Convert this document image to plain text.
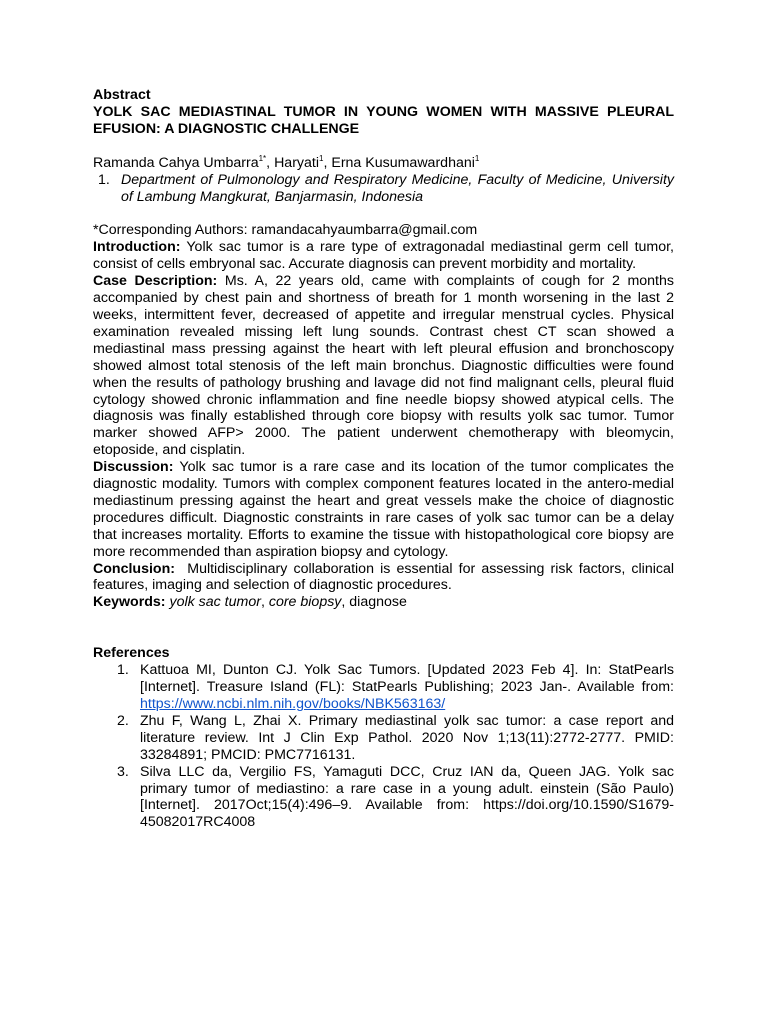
Abstract
YOLK SAC MEDIASTINAL TUMOR IN YOUNG WOMEN WITH MASSIVE PLEURAL EFUSION: A DIAGNOSTIC CHALLENGE
Ramanda Cahya Umbarra$^{1*}$, Haryati$^1$, Erna Kusumawardhani$^1$
1. Department of Pulmonology and Respiratory Medicine, Faculty of Medicine, University of Lambung Mangkurat, Banjarmasin, Indonesia
*Corresponding Authors: ramandacahyaumbarra@gmail.com

Introduction: Yolk sac tumor is a rare type of extragonadal mediastinal germ cell tumor, consist of cells embryonal sac. Accurate diagnosis can prevent morbidity and mortality.

Case Description: Ms. A, 22 years old, came with complaints of cough for 2 months accompanied by chest pain and shortness of breath for 1 month worsening in the last 2 weeks, intermittent fever, decreased of appetite and irregular menstrual cycles. Physical examination revealed missing left lung sounds. Contrast chest CT scan showed a mediastinal mass pressing against the heart with left pleural effusion and bronchoscopy showed almost total stenosis of the left main bronchus. Diagnostic difficulties were found when the results of pathology brushing and lavage did not find malignant cells, pleural fluid cytology showed chronic inflammation and fine needle biopsy showed atypical cells. The diagnosis was finally established through core biopsy with results yolk sac tumor. Tumor marker showed AFP> 2000. The patient underwent chemotherapy with bleomycin, etoposide, and cisplatin.

Discussion: Yolk sac tumor is a rare case and its location of the tumor complicates the diagnostic modality. Tumors with complex component features located in the antero-medial mediastinum pressing against the heart and great vessels make the choice of diagnostic procedures difficult. Diagnostic constraints in rare cases of yolk sac tumor can be a delay that increases mortality. Efforts to examine the tissue with histopathological core biopsy are more recommended than aspiration biopsy and cytology.

Conclusion:  Multidisciplinary collaboration is essential for assessing risk factors, clinical features, imaging and selection of diagnostic procedures.

Keywords: yolk sac tumor, core biopsy, diagnose

References
1. Kattuoa MI, Dunton CJ. Yolk Sac Tumors. [Updated 2023 Feb 4]. In: StatPearls [Internet]. Treasure Island (FL): StatPearls Publishing; 2023 Jan-. Available from: https://www.ncbi.nlm.nih.gov/books/NBK563163/
2. Zhu F, Wang L, Zhai X. Primary mediastinal yolk sac tumor: a case report and literature review. Int J Clin Exp Pathol. 2020 Nov 1;13(11):2772-2777. PMID: 33284891; PMCID: PMC7716131.
3. Silva LLC da, Vergilio FS, Yamaguti DCC, Cruz IAN da, Queen JAG. Yolk sac primary tumor of mediastino: a rare case in a young adult. einstein (São Paulo) [Internet]. 2017Oct;15(4):496–9. Available from: https://doi.org/10.1590/S1679-45082017RC4008
